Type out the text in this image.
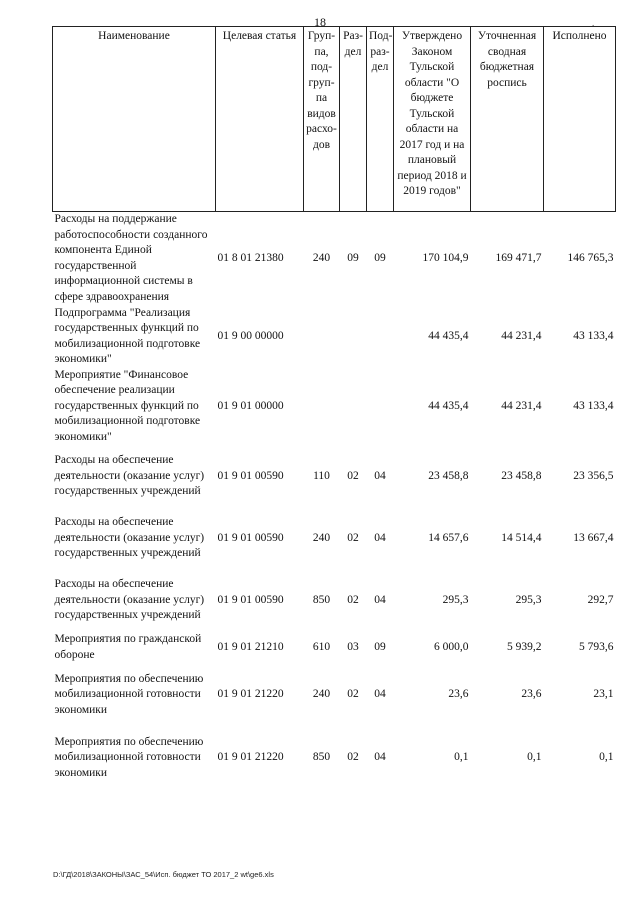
18	.
Наименование	Целевая статья	Груп-па, под-груп-па видов расхо-дов	Раз-дел	Под-раз-дел	Утверждено Законом Тульской области "О бюджете Тульской области на 2017 год и на плановый период 2018 и 2019 годов"	Уточненная сводная бюджетная роспись	Исполнено
Расходы на поддержание работоспособности созданного компонента Единой государственной информационной системы в сфере здравоохранения	01 8 01 21380	240	09	09	170 104,9	169 471,7	146 765,3
Подпрограмма "Реализация государственных функций по мобилизационной подготовке экономики"	01 9 00 00000				44 435,4	44 231,4	43 133,4
Мероприятие "Финансовое обеспечение реализации государственных функций по мобилизационной подготовке экономики"	01 9 01 00000				44 435,4	44 231,4	43 133,4
Расходы на обеспечение деятельности (оказание услуг) государственных учреждений	01 9 01 00590	110	02	04	23 458,8	23 458,8	23 356,5
Расходы на обеспечение деятельности (оказание услуг) государственных учреждений	01 9 01 00590	240	02	04	14 657,6	14 514,4	13 667,4
Расходы на обеспечение деятельности (оказание услуг) государственных учреждений	01 9 01 00590	850	02	04	295,3	295,3	292,7
Мероприятия по гражданской обороне	01 9 01 21210	610	03	09	6 000,0	5 939,2	5 793,6
Мероприятия по обеспечению мобилизационной готовности экономики	01 9 01 21220	240	02	04	23,6	23,6	23,1
Мероприятия по обеспечению мобилизационной готовности экономики	01 9 01 21220	850	02	04	0,1	0,1	0,1
D:\ГД\2018\ЗАКОНЫ\ЗАС_54\Исп. бюджет ТО 2017_2 wt\ge6.xls
